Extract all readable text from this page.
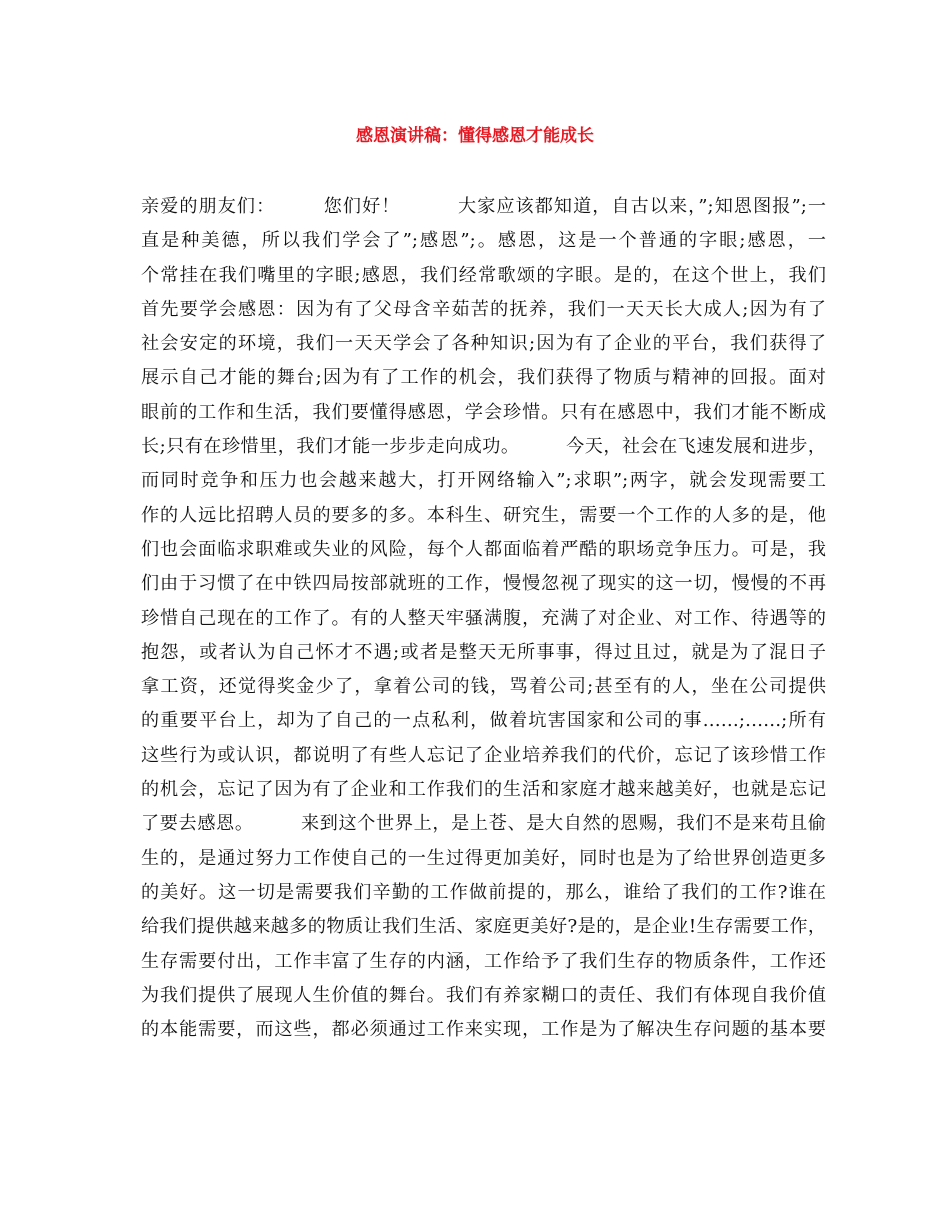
感恩演讲稿：懂得感恩才能成长
亲爱的朋友们：　　　您们好！　　　大家应该都知道，自古以来，”;知恩图报”;一
直是种美德，所以我们学会了”;感恩”;。感恩，这是一个普通的字眼;感恩，一
个常挂在我们嘴里的字眼;感恩，我们经常歌颂的字眼。是的，在这个世上，我们
首先要学会感恩：因为有了父母含辛茹苦的抚养，我们一天天长大成人;因为有了
社会安定的环境，我们一天天学会了各种知识;因为有了企业的平台，我们获得了
展示自己才能的舞台;因为有了工作的机会，我们获得了物质与精神的回报。面对
眼前的工作和生活，我们要懂得感恩，学会珍惜。只有在感恩中，我们才能不断成
长;只有在珍惜里，我们才能一步步走向成功。　　　今天，社会在飞速发展和进步，
而同时竞争和压力也会越来越大，打开网络输入”;求职”;两字，就会发现需要工
作的人远比招聘人员的要多的多。本科生、研究生，需要一个工作的人多的是，他
们也会面临求职难或失业的风险，每个人都面临着严酷的职场竞争压力。可是，我
们由于习惯了在中铁四局按部就班的工作，慢慢忽视了现实的这一切，慢慢的不再
珍惜自己现在的工作了。有的人整天牢骚满腹，充满了对企业、对工作、待遇等的
抱怨，或者认为自己怀才不遇;或者是整天无所事事，得过且过，就是为了混日子
拿工资，还觉得奖金少了，拿着公司的钱，骂着公司;甚至有的人，坐在公司提供
的重要平台上，却为了自己的一点私利，做着坑害国家和公司的事……;……;所有
这些行为或认识，都说明了有些人忘记了企业培养我们的代价，忘记了该珍惜工作
的机会，忘记了因为有了企业和工作我们的生活和家庭才越来越美好，也就是忘记
了要去感恩。　　　来到这个世界上，是上苍、是大自然的恩赐，我们不是来苟且偷
生的，是通过努力工作使自己的一生过得更加美好，同时也是为了给世界创造更多
的美好。这一切是需要我们辛勤的工作做前提的，那么，谁给了我们的工作?谁在
给我们提供越来越多的物质让我们生活、家庭更美好?是的，是企业!生存需要工作，
生存需要付出，工作丰富了生存的内涵，工作给予了我们生存的物质条件，工作还
为我们提供了展现人生价值的舞台。我们有养家糊口的责任、我们有体现自我价值
的本能需要，而这些，都必须通过工作来实现，工作是为了解决生存问题的基本要
